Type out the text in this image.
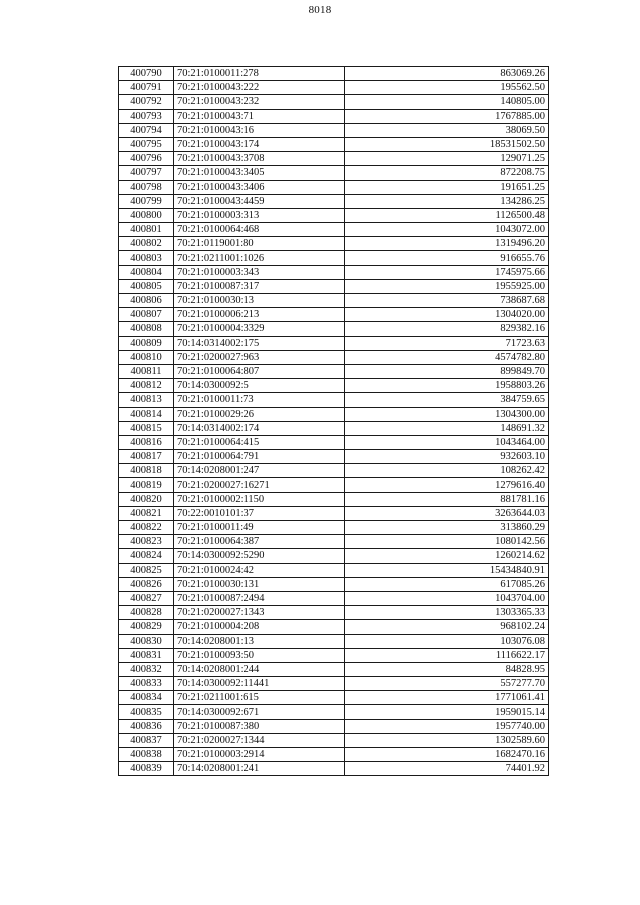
8018
400790	70:21:0100011:278	863069.26
400791	70:21:0100043:222	195562.50
400792	70:21:0100043:232	140805.00
400793	70:21:0100043:71	1767885.00
400794	70:21:0100043:16	38069.50
400795	70:21:0100043:174	18531502.50
400796	70:21:0100043:3708	129071.25
400797	70:21:0100043:3405	872208.75
400798	70:21:0100043:3406	191651.25
400799	70:21:0100043:4459	134286.25
400800	70:21:0100003:313	1126500.48
400801	70:21:0100064:468	1043072.00
400802	70:21:0119001:80	1319496.20
400803	70:21:0211001:1026	916655.76
400804	70:21:0100003:343	1745975.66
400805	70:21:0100087:317	1955925.00
400806	70:21:0100030:13	738687.68
400807	70:21:0100006:213	1304020.00
400808	70:21:0100004:3329	829382.16
400809	70:14:0314002:175	71723.63
400810	70:21:0200027:963	4574782.80
400811	70:21:0100064:807	899849.70
400812	70:14:0300092:5	1958803.26
400813	70:21:0100011:73	384759.65
400814	70:21:0100029:26	1304300.00
400815	70:14:0314002:174	148691.32
400816	70:21:0100064:415	1043464.00
400817	70:21:0100064:791	932603.10
400818	70:14:0208001:247	108262.42
400819	70:21:0200027:16271	1279616.40
400820	70:21:0100002:1150	881781.16
400821	70:22:0010101:37	3263644.03
400822	70:21:0100011:49	313860.29
400823	70:21:0100064:387	1080142.56
400824	70:14:0300092:5290	1260214.62
400825	70:21:0100024:42	15434840.91
400826	70:21:0100030:131	617085.26
400827	70:21:0100087:2494	1043704.00
400828	70:21:0200027:1343	1303365.33
400829	70:21:0100004:208	968102.24
400830	70:14:0208001:13	103076.08
400831	70:21:0100093:50	1116622.17
400832	70:14:0208001:244	84828.95
400833	70:14:0300092:11441	557277.70
400834	70:21:0211001:615	1771061.41
400835	70:14:0300092:671	1959015.14
400836	70:21:0100087:380	1957740.00
400837	70:21:0200027:1344	1302589.60
400838	70:21:0100003:2914	1682470.16
400839	70:14:0208001:241	74401.92
